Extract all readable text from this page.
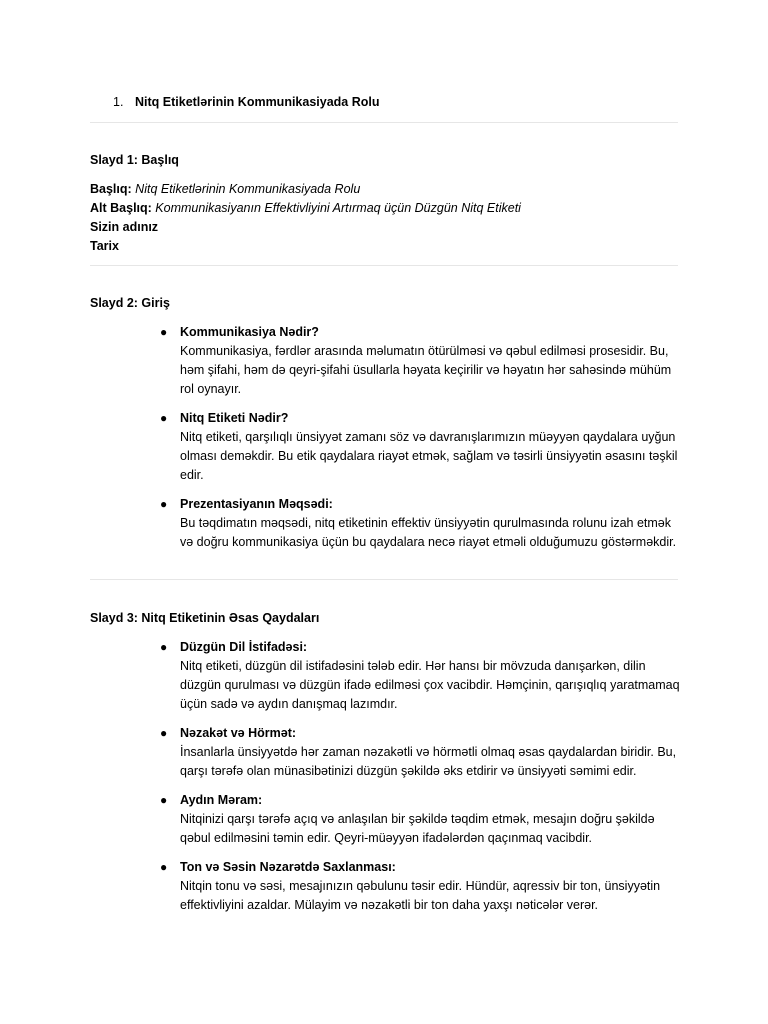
1. Nitq Etiketlərinin Kommunikasiyada Rolu
Slayd 1: Başlıq
Başlıq: Nitq Etiketlərinin Kommunikasiyada Rolu
Alt Başlıq: Kommunikasiyanın Effektivliyini Artırmaq üçün Düzgün Nitq Etiketi
Sizin adınız
Tarix
Slayd 2: Giriş
● Kommunikasiya Nədir?
Kommunikasiya, fərdlər arasında məlumatın ötürülməsi və qəbul edilməsi prosesidir. Bu, həm şifahi, həm də qeyri-şifahi üsullarla həyata keçirilir və həyatın hər sahəsində mühüm rol oynayır.
● Nitq Etiketi Nədir?
Nitq etiketi, qarşılıqlı ünsiyyət zamanı söz və davranışlarımızın müəyyən qaydalara uyğun olması deməkdir. Bu etik qaydalara riayət etmək, sağlam və təsirli ünsiyyətin əsasını təşkil edir.
● Prezentasiyanın Məqsədi:
Bu təqdimatın məqsədi, nitq etiketinin effektiv ünsiyyətin qurulmasında rolunu izah etmək və doğru kommunikasiya üçün bu qaydalara necə riayət etməli olduğumuzu göstərməkdir.
Slayd 3: Nitq Etiketinin Əsas Qaydaları
● Düzgün Dil İstifadəsi:
Nitq etiketi, düzgün dil istifadəsini tələb edir. Hər hansı bir mövzuda danışarkən, dilin düzgün qurulması və düzgün ifadə edilməsi çox vacibdir. Həmçinin, qarışıqlıq yaratmamaq üçün sadə və aydın danışmaq lazımdır.
● Nəzakət və Hörmət:
İnsanlarla ünsiyyətdə hər zaman nəzakətli və hörmətli olmaq əsas qaydalardan biridir. Bu, qarşı tərəfə olan münasibətinizi düzgün şəkildə əks etdirir və ünsiyyəti səmimi edir.
● Aydın Məram:
Nitqinizi qarşı tərəfə açıq və anlaşılan bir şəkildə təqdim etmək, mesajın doğru şəkildə qəbul edilməsini təmin edir. Qeyri-müəyyən ifadələrdən qaçınmaq vacibdir.
● Ton və Səsin Nəzarətdə Saxlanması:
Nitqin tonu və səsi, mesajınızın qəbulunu təsir edir. Hündür, aqressiv bir ton, ünsiyyətin effektivliyini azaldar. Mülayim və nəzakətli bir ton daha yaxşı nəticələr verər.
